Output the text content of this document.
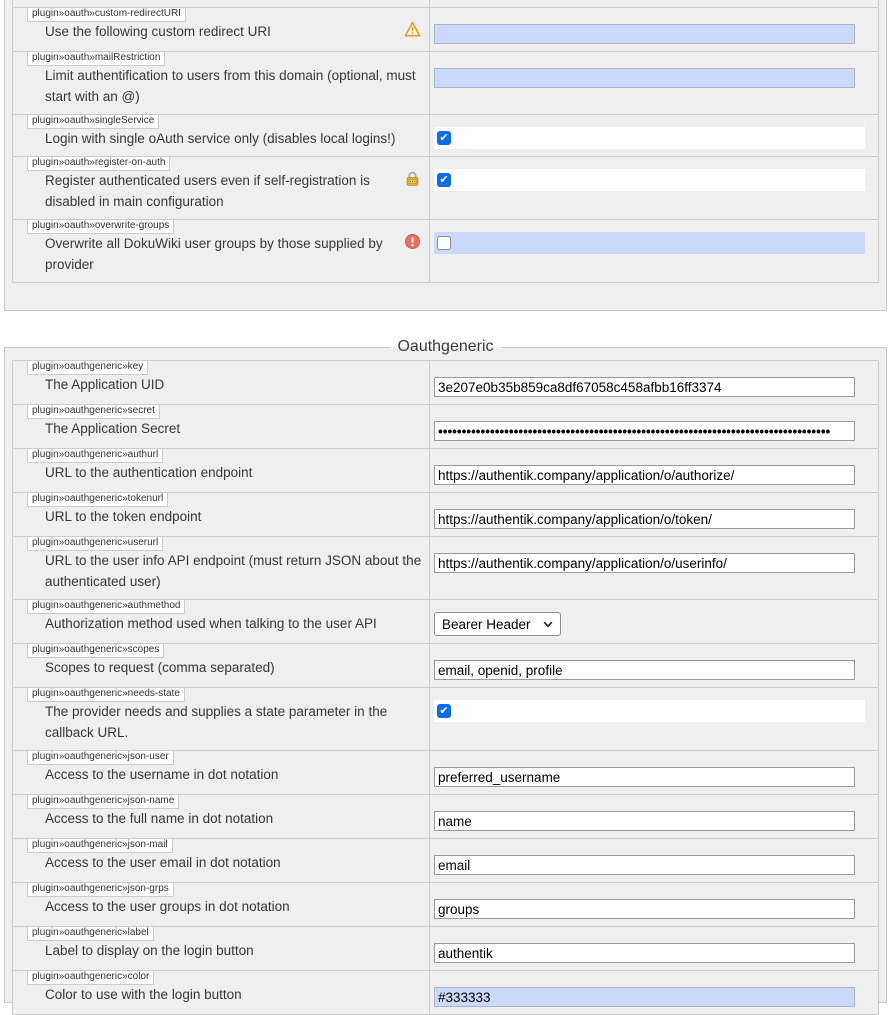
plugin»oauth»custom-redirectURI
Use the following custom redirect URI

plugin»oauth»mailRestriction
Limit authentification to users from this domain (optional, must start with an @)

plugin»oauth»singleService
Login with single oAuth service only (disables local logins!)	✔

plugin»oauth»register-on-auth
Register authenticated users even if self-registration is disabled in main configuration	✔

plugin»oauth»overwrite-groups
Overwrite all DokuWiki user groups by those supplied by provider	

Oauthgeneric
plugin»oauthgeneric»key
The Application UID
	3e207e0b35b859ca8df67058c458afbb16ff3374

plugin»oauthgeneric»secret
The Application Secret
	•••••••••••••••••••••••••••••••••••••••••••••••••••••••••••••••••••••••••••••••••••

plugin»oauthgeneric»authurl
URL to the authentication endpoint
	https://authentik.company/application/o/authorize/

plugin»oauthgeneric»tokenurl
URL to the token endpoint
	https://authentik.company/application/o/token/

plugin»oauthgeneric»userurl
URL to the user info API endpoint (must return JSON about the authenticated user)
	https://authentik.company/application/o/userinfo/

plugin»oauthgeneric»authmethod
Authorization method used when talking to the user API	Bearer Header

plugin»oauthgeneric»scopes
Scopes to request (comma separated)
	email, openid, profile

plugin»oauthgeneric»needs-state
The provider needs and supplies a state parameter in the callback URL.	✔

plugin»oauthgeneric»json-user
Access to the username in dot notation
	preferred_username

plugin»oauthgeneric»json-name
Access to the full name in dot notation
	name

plugin»oauthgeneric»json-mail
Access to the user email in dot notation
	email

plugin»oauthgeneric»json-grps
Access to the user groups in dot notation
	groups

plugin»oauthgeneric»label
Label to display on the login button
	authentik

plugin»oauthgeneric»color
Color to use with the login button
	#333333
